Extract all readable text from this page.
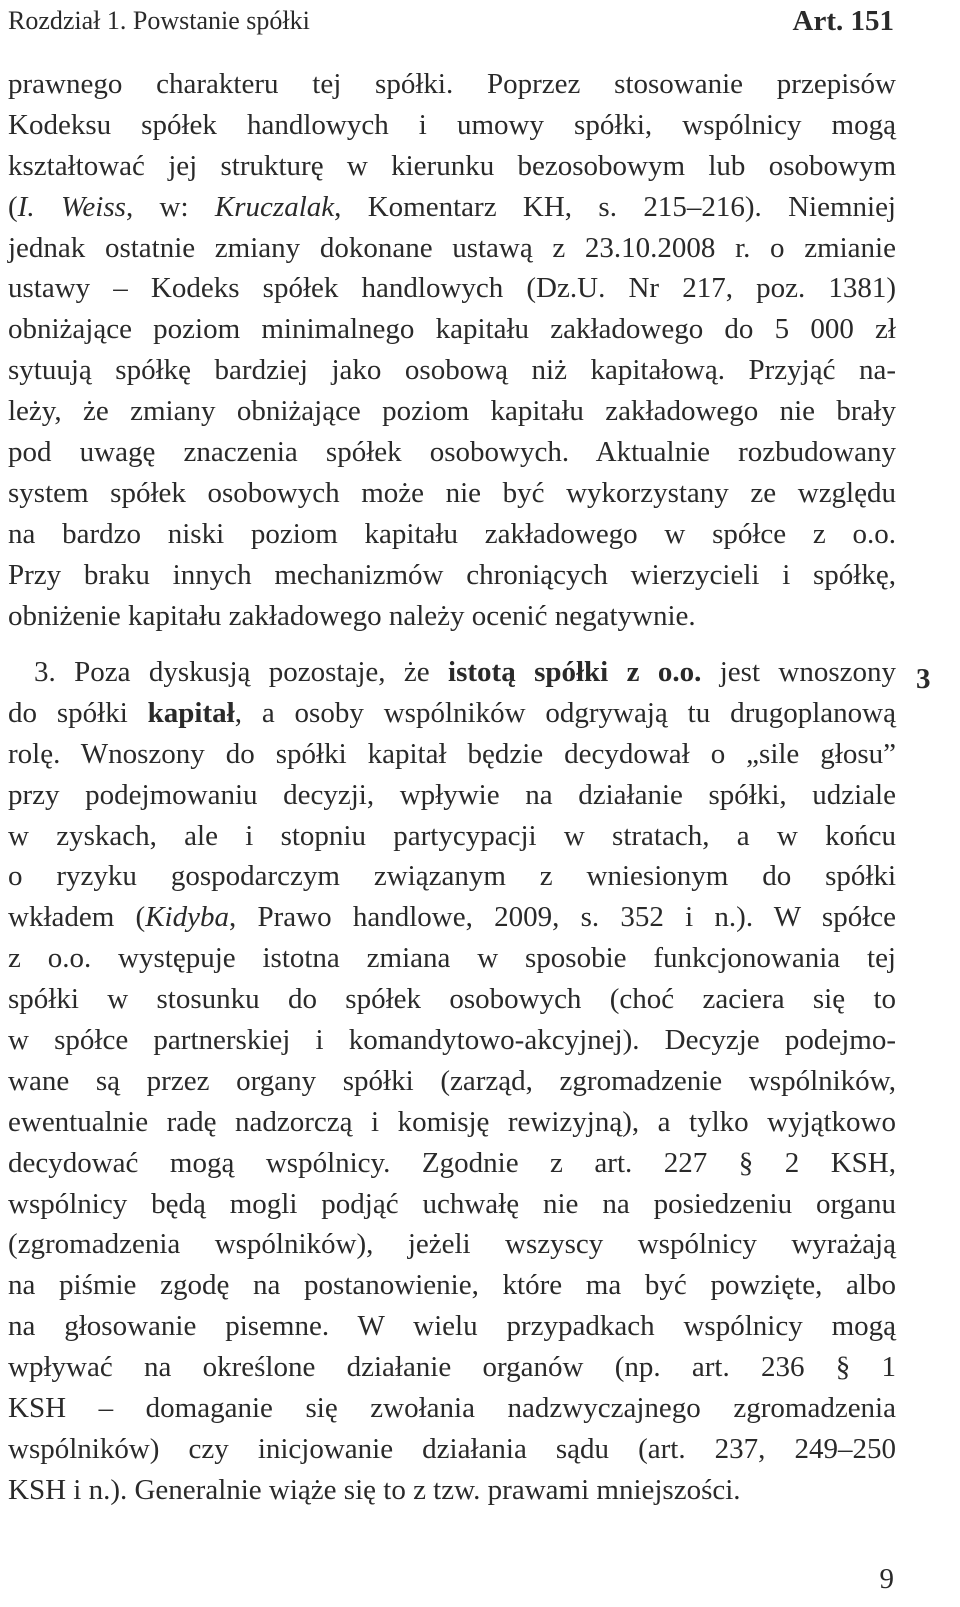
Rozdział 1. Powstanie spółki	Art. 151
prawnego charakteru tej spółki. Poprzez stosowanie przepisów
Kodeksu spółek handlowych i umowy spółki, wspólnicy mogą
kształtować jej strukturę w kierunku bezosobowym lub osobowym
(I. Weiss, w: Kruczalak, Komentarz KH, s. 215–216). Niemniej
jednak ostatnie zmiany dokonane ustawą z 23.10.2008 r. o zmianie
ustawy – Kodeks spółek handlowych (Dz.U. Nr 217, poz. 1381)
obniżające poziom minimalnego kapitału zakładowego do 5 000 zł
sytuują spółkę bardziej jako osobową niż kapitałową. Przyjąć na-
leży, że zmiany obniżające poziom kapitału zakładowego nie brały
pod uwagę znaczenia spółek osobowych. Aktualnie rozbudowany
system spółek osobowych może nie być wykorzystany ze względu
na bardzo niski poziom kapitału zakładowego w spółce z o.o.
Przy braku innych mechanizmów chroniących wierzycieli i spółkę,
obniżenie kapitału zakładowego należy ocenić negatywnie.
3
3. Poza dyskusją pozostaje, że istotą spółki z o.o. jest wnoszony
do spółki kapitał, a osoby wspólników odgrywają tu drugoplanową
rolę. Wnoszony do spółki kapitał będzie decydował o „sile głosu”
przy podejmowaniu decyzji, wpływie na działanie spółki, udziale
w zyskach, ale i stopniu partycypacji w stratach, a w końcu
o ryzyku gospodarczym związanym z wniesionym do spółki
wkładem (Kidyba, Prawo handlowe, 2009, s. 352 i n.). W spółce
z o.o. występuje istotna zmiana w sposobie funkcjonowania tej
spółki w stosunku do spółek osobowych (choć zaciera się to
w spółce partnerskiej i komandytowo-akcyjnej). Decyzje podejmo-
wane są przez organy spółki (zarząd, zgromadzenie wspólników,
ewentualnie radę nadzorczą i komisję rewizyjną), a tylko wyjątkowo
decydować mogą wspólnicy. Zgodnie z art. 227 § 2 KSH,
wspólnicy będą mogli podjąć uchwałę nie na posiedzeniu organu
(zgromadzenia wspólników), jeżeli wszyscy wspólnicy wyrażają
na piśmie zgodę na postanowienie, które ma być powzięte, albo
na głosowanie pisemne. W wielu przypadkach wspólnicy mogą
wpływać na określone działanie organów (np. art. 236 § 1
KSH – domaganie się zwołania nadzwyczajnego zgromadzenia
wspólników) czy inicjowanie działania sądu (art. 237, 249–250
KSH i n.). Generalnie wiąże się to z tzw. prawami mniejszości.
9
